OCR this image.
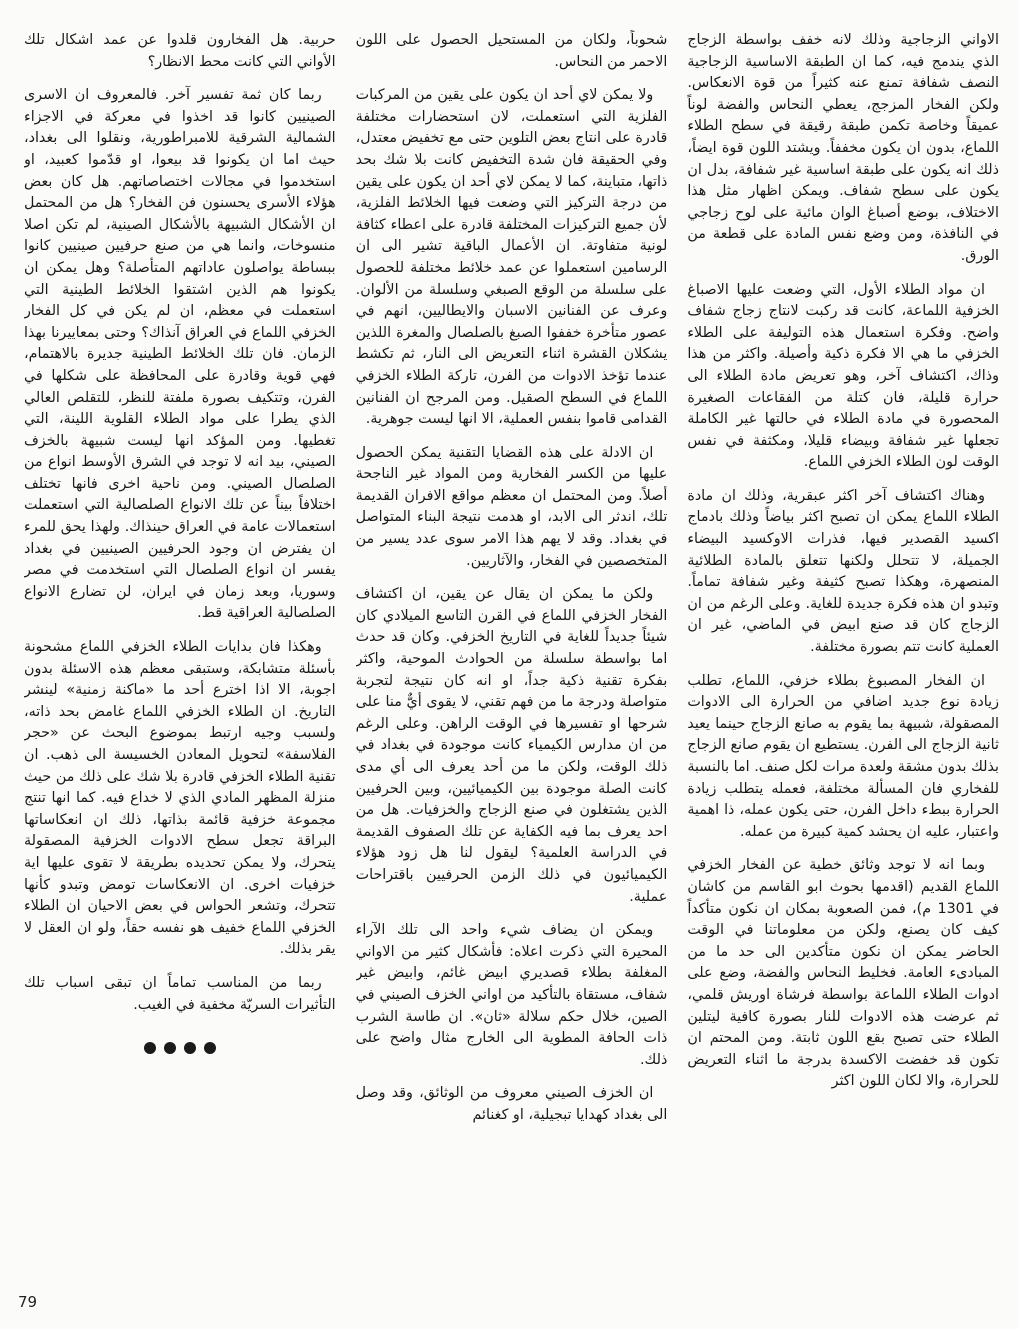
الاواني الزجاجية وذلك لانه خفف بواسطة الزجاج الذي يندمج فيه، كما ان الطبقة الاساسية الزجاجية النصف شفافة تمنع عنه كثيراً من قوة الانعكاس. ولكن الفخار المزجج، يعطي النحاس والفضة لوناً عميقاً وخاصة تكمن طبقة رقيقة في سطح الطلاء اللماع، بدون ان يكون مخففاً. ويشتد اللون قوة ايضاً، ذلك انه يكون على طبقة اساسية غير شفافة، بدل ان يكون على سطح شفاف. ويمكن اظهار مثل هذا الاختلاف، بوضع أصباغ الوان مائية على لوح زجاجي في النافذة، ومن وضع نفس المادة على قطعة من الورق.

ان مواد الطلاء الأول، التي وضعت عليها الاصباغ الخزفية اللماعة، كانت قد ركبت لانتاج زجاج شفاف واضح. وفكرة استعمال هذه التوليفة على الطلاء الخزفي ما هي الا فكرة ذكية وأصيلة. واكثر من هذا وذاك، اكتشاف آخر، وهو تعريض مادة الطلاء الى حرارة قليلة، فان كتلة من الفقاعات الصغيرة المحصورة في مادة الطلاء في حالتها غير الكاملة تجعلها غير شفافة وبيضاء قليلا، ومكثفة في نفس الوقت لون الطلاء الخزفي اللماع.

وهناك اكتشاف آخر اكثر عبقرية، وذلك ان مادة الطلاء اللماع يمكن ان تصبح اكثر بياضاً وذلك بادماج اكسيد القصدير فيها، فذرات الاوكسيد البيضاء الجميلة، لا تتحلل ولكنها تتعلق بالمادة الطلائية المنصهرة، وهكذا تصبح كثيفة وغير شفافة تماماً. وتبدو ان هذه فكرة جديدة للغاية. وعلى الرغم من ان الزجاج كان قد صنع ابيض في الماضي، غير ان العملية كانت تتم بصورة مختلفة.

ان الفخار المصبوغ بطلاء خزفي، اللماع، تطلب زيادة نوع جديد اضافي من الحرارة الى الادوات المصقولة، شبيهة بما يقوم به صانع الزجاج حينما يعيد ثانية الزجاج الى الفرن. يستطيع ان يقوم صانع الزجاج بذلك بدون مشقة ولعدة مرات لكل صنف. اما بالنسبة للفخاري فان المسألة مختلفة، فعمله يتطلب زيادة الحرارة ببطء داخل الفرن، حتى يكون عمله، ذا اهمية واعتبار، عليه ان يحشد كمية كبيرة من عمله.

وبما انه لا توجد وثائق خطية عن الفخار الخزفي اللماع القديم (اقدمها بحوث ابو القاسم من كاشان في 1301 م)، فمن الصعوبة بمكان ان نكون متأكداً كيف كان يصنع، ولكن من معلوماتنا في الوقت الحاضر يمكن ان نكون متأكدين الى حد ما من المبادىء العامة. فخليط النحاس والفضة، وضع على ادوات الطلاء اللماعة بواسطة فرشاة اوريش قلمي، ثم عرضت هذه الادوات للنار بصورة كافية ليتلين الطلاء حتى تصبح بقع اللون ثابتة. ومن المحتم ان تكون قد خفضت الاكسدة بدرجة ما اثناء التعريض للحرارة، والا لكان اللون اكثر

شحوباً، ولكان من المستحيل الحصول على اللون الاحمر من النحاس.

ولا يمكن لاي أحد ان يكون على يقين من المركبات الفلزية التي استعملت، لان استحضارات مختلفة قادرة على انتاج بعض التلوين حتى مع تخفيض معتدل، وفي الحقيقة فان شدة التخفيض كانت بلا شك بحد ذاتها، متباينة، كما لا يمكن لاي أحد ان يكون على يقين من درجة التركيز التي وضعت فيها الخلائط الفلزية، لأن جميع التركيزات المختلفة قادرة على اعطاء كثافة لونية متفاوتة. ان الأعمال الباقية تشير الى ان الرسامين استعملوا عن عمد خلائط مختلفة للحصول على سلسلة من الوقع الصبغي وسلسلة من الألوان. وعرف عن الفنانين الاسبان والايطاليين، انهم في عصور متأخرة خففوا الصبغ بالصلصال والمغرة اللذين يشكلان القشرة اثناء التعريض الى النار، ثم تكشط عندما تؤخذ الادوات من الفرن، تاركة الطلاء الخزفي اللماع في السطح الصقيل. ومن المرجح ان الفنانين القدامى قاموا بنفس العملية، الا انها ليست جوهرية.

ان الادلة على هذه القضايا التقنية يمكن الحصول عليها من الكسر الفخارية ومن المواد غير الناجحة أصلاً. ومن المحتمل ان معظم مواقع الافران القديمة تلك، اندثر الى الابد، او هدمت نتيجة البناء المتواصل في بغداد. وقد لا يهم هذا الامر سوى عدد يسير من المتخصصين في الفخار، والآثاريين.

ولكن ما يمكن ان يقال عن يقين، ان اكتشاف الفخار الخزفي اللماع في القرن التاسع الميلادي كان شيئاً جديداً للغاية في التاريخ الخزفي. وكان قد حدث اما بواسطة سلسلة من الحوادث الموحية، واكثر بفكرة تقنية ذكية جداً، او انه كان نتيجة لتجربة متواصلة ودرجة ما من فهم تقني، لا يقوى أيٌّ منا على شرحها او تفسيرها في الوقت الراهن. وعلى الرغم من ان مدارس الكيمياء كانت موجودة في بغداد في ذلك الوقت، ولكن ما من أحد يعرف الى أي مدى كانت الصلة موجودة بين الكيميائيين، وبين الحرفيين الذين يشتغلون في صنع الزجاج والخزفيات. هل من احد يعرف بما فيه الكفاية عن تلك الصفوف القديمة في الدراسة العلمية؟ ليقول لنا هل زود هؤلاء الكيميائيون في ذلك الزمن الحرفيين باقتراحات عملية.

ويمكن ان يضاف شيء واحد الى تلك الآراء المحيرة التي ذكرت اعلاه: فأشكال كثير من الاواني المغلفة بطلاء قصديري ابيض غائم، وابيض غير شفاف، مستقاة بالتأكيد من اواني الخزف الصيني في الصين، خلال حكم سلالة «ثان». ان طاسة الشرب ذات الحافة المطوية الى الخارج مثال واضح على ذلك.

ان الخزف الصيني معروف من الوثائق، وقد وصل الى بغداد كهدايا تبجيلية، او كغنائم

حربية. هل الفخارون قلدوا عن عمد اشكال تلك الأواني التي كانت محط الانظار؟

ربما كان ثمة تفسير آخر. فالمعروف ان الاسرى الصينيين كانوا قد اخذوا في معركة في الاجزاء الشمالية الشرقية للامبراطورية، ونقلوا الى بغداد، حيث اما ان يكونوا قد بيعوا، او قدّموا كعبيد، او استخدموا في مجالات اختصاصاتهم. هل كان بعض هؤلاء الأسرى يحسنون فن الفخار؟ هل من المحتمل ان الأشكال الشبيهة بالأشكال الصينية، لم تكن اصلا منسوخات، وانما هي من صنع حرفيين صينيين كانوا ببساطة يواصلون عاداتهم المتأصلة؟ وهل يمكن ان يكونوا هم الذين اشتقوا الخلائط الطينية التي استعملت في معظم، ان لم يكن في كل الفخار الخزفي اللماع في العراق آنذاك؟ وحتى بمعاييرنا بهذا الزمان. فان تلك الخلائط الطينية جديرة بالاهتمام، فهي قوية وقادرة على المحافظة على شكلها في الفرن، وتتكيف بصورة ملفتة للنظر، للتقلص العالي الذي يطرا على مواد الطلاء القلوية اللينة، التي تغطيها. ومن المؤكد انها ليست شبيهة بالخزف الصيني، بيد انه لا توجد في الشرق الأوسط انواع من الصلصال الصيني. ومن ناحية اخرى فانها تختلف اختلافاً بيناً عن تلك الانواع الصلصالية التي استعملت استعمالات عامة في العراق حينذاك. ولهذا يحق للمرء ان يفترض ان وجود الحرفيين الصينيين في بغداد يفسر ان انواع الصلصال التي استخدمت في مصر وسوريا، وبعد زمان في ايران، لن تضارع الانواع الصلصالية العراقية قط.

وهكذا فان بدايات الطلاء الخزفي اللماع مشحونة بأسئلة متشابكة، وستبقى معظم هذه الاسئلة بدون اجوبة، الا اذا اخترع أحد ما «ماكنة زمنية» لينشر التاريخ. ان الطلاء الخزفي اللماع غامض بحد ذاته، ولسبب وجيه ارتبط بموضوع البحث عن «حجر الفلاسفة» لتحويل المعادن الخسيسة الى ذهب. ان تقنية الطلاء الخزفي قادرة بلا شك على ذلك من حيث منزلة المظهر المادي الذي لا خداع فيه. كما انها تنتج مجموعة خزفية قائمة بذاتها، ذلك ان انعكاساتها البراقة تجعل سطح الادوات الخزفية المصقولة يتحرك، ولا يمكن تحديده بطريقة لا تقوى عليها اية خزفيات اخرى. ان الانعكاسات تومض وتبدو كأنها تتحرك، وتشعر الحواس في بعض الاحيان ان الطلاء الخزفي اللماع خفيف هو نفسه حقاً، ولو ان العقل لا يقر بذلك.

ربما من المناسب تماماً ان تبقى اسباب تلك التأثيرات السريّة مخفية في الغيب.

79
